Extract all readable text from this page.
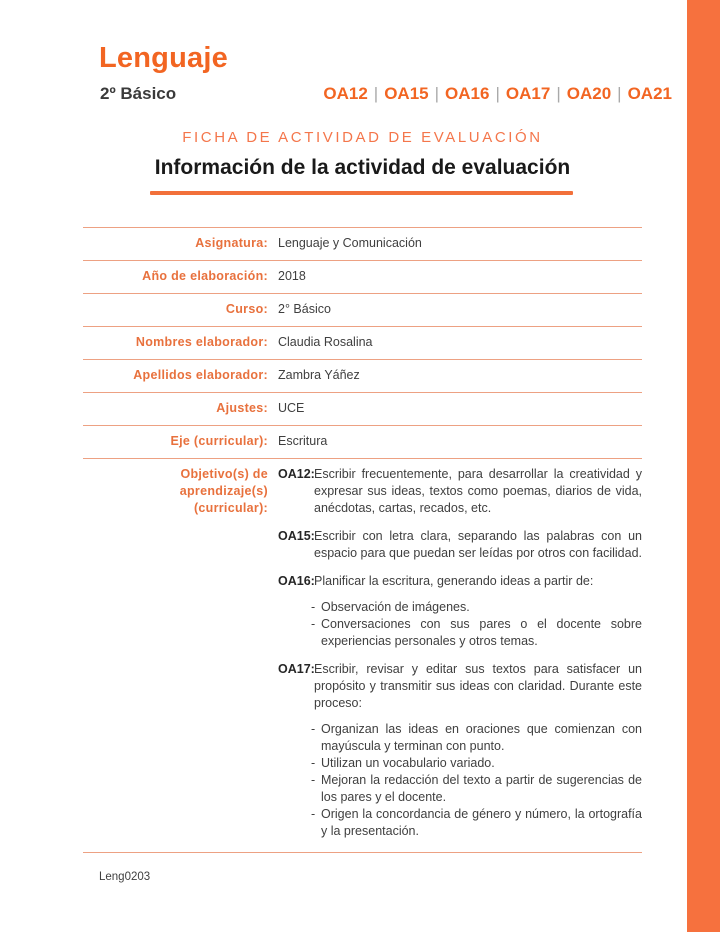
Lenguaje
2º Básico	OA12 | OA15 | OA16 | OA17 | OA20 | OA21
FICHA DE ACTIVIDAD DE EVALUACIÓN
Información de la actividad de evaluación
Asignatura: Lenguaje y Comunicación
Año de elaboración: 2018
Curso: 2° Básico
Nombres elaborador: Claudia Rosalina
Apellidos elaborador: Zambra Yáñez
Ajustes: UCE
Eje (curricular): Escritura
Objetivo(s) de
aprendizaje(s)
(curricular):
OA12: Escribir frecuentemente, para desarrollar la creatividad y expresar sus ideas, textos como poemas, diarios de vida, anécdotas, cartas, recados, etc.
OA15: Escribir con letra clara, separando las palabras con un espacio para que puedan ser leídas por otros con facilidad.
OA16: Planificar la escritura, generando ideas a partir de:
- Observación de imágenes.
- Conversaciones con sus pares o el docente sobre experiencias personales y otros temas.
OA17: Escribir, revisar y editar sus textos para satisfacer un propósito y transmitir sus ideas con claridad. Durante este proceso:
- Organizan las ideas en oraciones que comienzan con mayúscula y terminan con punto.
- Utilizan un vocabulario variado.
- Mejoran la redacción del texto a partir de sugerencias de los pares y el docente.
- Origen la concordancia de género y número, la ortografía y la presentación.
Leng0203
